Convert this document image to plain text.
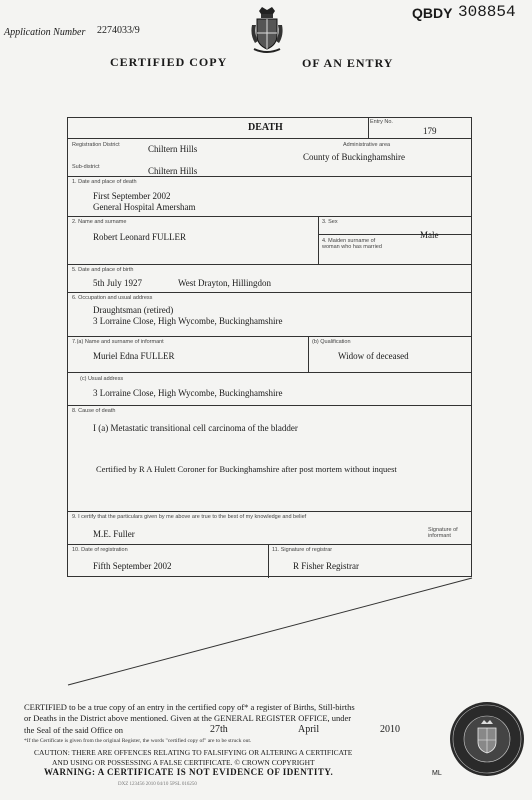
Application Number 2274033/9
QBDY 308854
CERTIFIED COPY	OF AN ENTRY
DEATH	Entry No.
179
Registration District	Chiltern Hills	Administrative area
County of Buckinghamshire
Sub-district	Chiltern Hills
1. Date and place of death
First September 2002
General Hospital Amersham
2. Name and surname
Robert Leonard FULLER
3. Sex
Male
4. Maiden surname of woman who has married
5. Date and place of birth
5th July 1927	West Drayton, Hillingdon
6. Occupation and usual address
Draughtsman (retired)
3 Lorraine Close, High Wycombe, Buckinghamshire
7.(a) Name and surname of informant
Muriel Edna FULLER
(b) Qualification
Widow of deceased
(c) Usual address
3 Lorraine Close, High Wycombe, Buckinghamshire
8. Cause of death
I (a) Metastatic transitional cell carcinoma of the bladder
Certified by R A Hulett Coroner for Buckinghamshire after post mortem without inquest
9. I certify that the particulars given by me above are true to the best of my knowledge and belief
M.E. Fuller	Signature of informant
10. Date of registration
Fifth September 2002
11. Signature of registrar
R Fisher Registrar
CERTIFIED to be a true copy of an entry in the certified copy of* a register of Births, Still-births
or Deaths in the District above mentioned. Given at the GENERAL REGISTER OFFICE, under
the Seal of the said Office on	27th	April	2010
*If the Certificate is given from the original Register, the words "certified copy of" are to be struck out.
CAUTION: THERE ARE OFFENCES RELATING TO FALSIFYING OR ALTERING A CERTIFICATE
AND USING OR POSSESSING A FALSE CERTIFICATE. © CROWN COPYRIGHT
WARNING: A CERTIFICATE IS NOT EVIDENCE OF IDENTITY.
DXZ 123456 2010 04/10 5PSL 016250
ML
